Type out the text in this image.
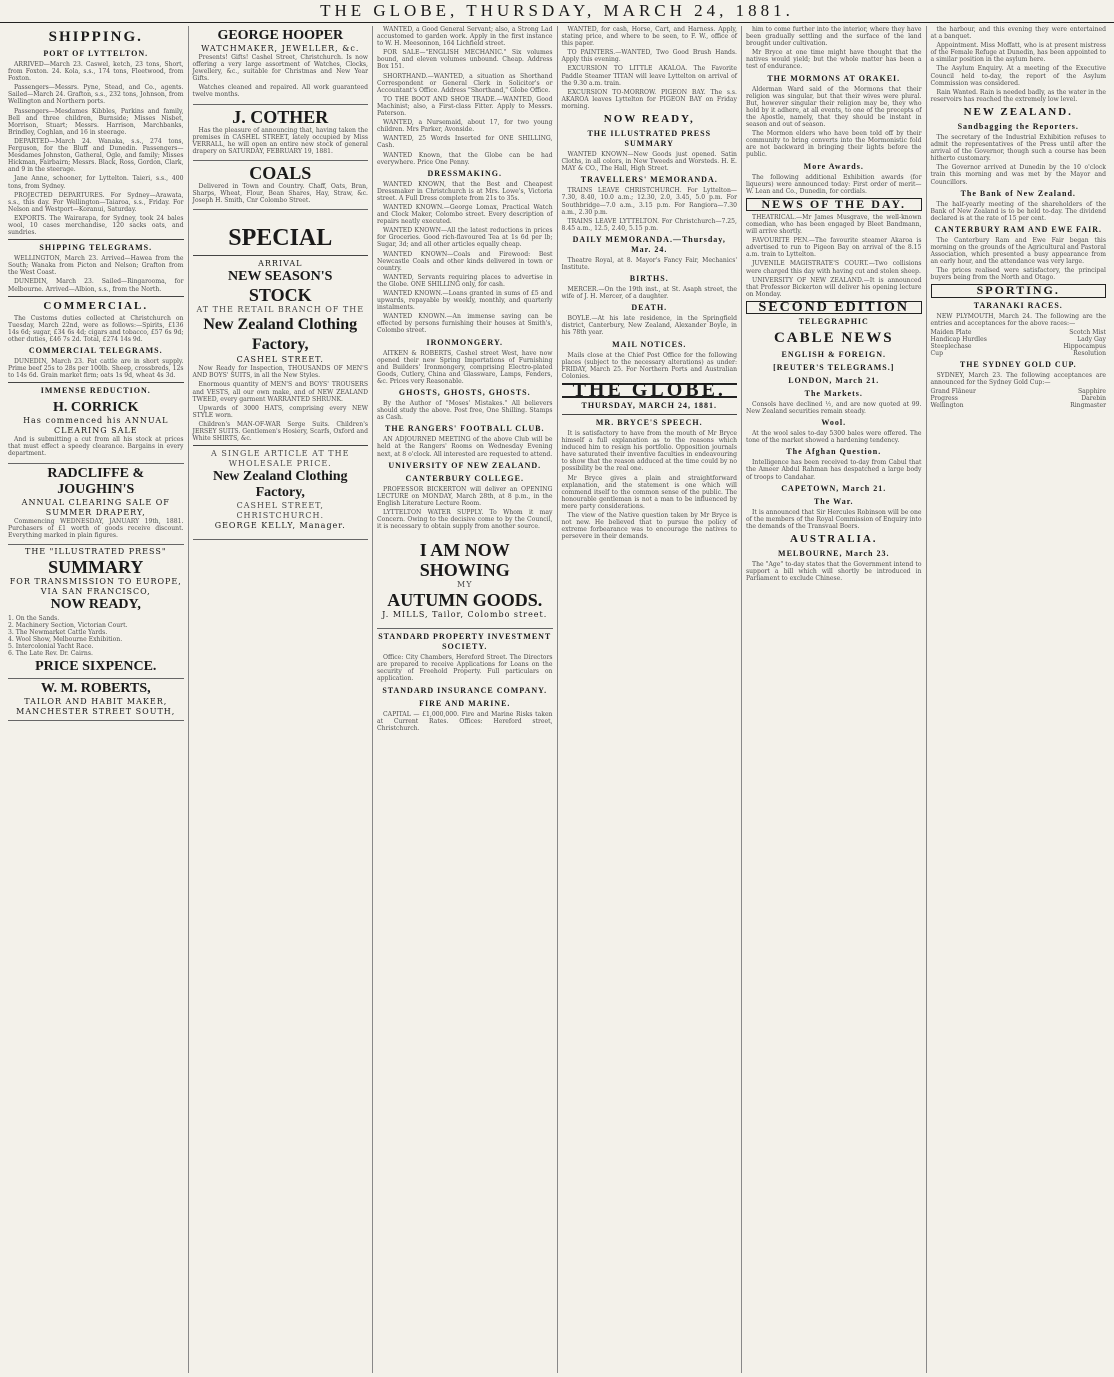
THE GLOBE, THURSDAY, MARCH 24, 1881.
SHIPPING.
PORT OF LYTTELTON.

ARRIVED—March 23. Caswel, ketch, 23 tons, Short, from Foxton. 24. Kola, s.s., 174 tons, Fleetwood, from Foxton.

Passengers—Messrs. Pyne, Stead, and Co., agents. Sailed—March 24. Grafton, s.s., 232 tons, Johnson, from Wellington and Northern ports.

Passengers—Mesdames Kibbles, Parkins and family, Bell and three children, Burnside; Misses Nisbet, Morrison, Stuart; Messrs. Harrison, Marchbanks, Brindley, Coghlan, and 16 in steerage.

DEPARTED—March 24. Wanaka, s.s., 274 tons, Ferguson, for the Bluff and Dunedin. Passengers—Mesdames Johnston, Gatheral, Ogle, and family; Misses Hickman, Fairbairn; Messrs. Black, Ross, Gordon, Clark, and 9 in the steerage.

Jane Anne, schooner, for Lyttelton. Taieri, s.s., 400 tons, from Sydney.

PROJECTED DEPARTURES. For Sydney—Arawata, s.s., this day. For Wellington—Taiaroa, s.s., Friday. For Nelson and Westport—Koranui, Saturday.

EXPORTS. The Wairarapa, for Sydney, took 24 bales wool, 10 cases merchandise, 120 sacks oats, and sundries.

SHIPPING TELEGRAMS.

WELLINGTON, March 23. Arrived—Hawea from the South; Wanaka from Picton and Nelson; Grafton from the West Coast.

DUNEDIN, March 23. Sailed—Ringarooma, for Melbourne. Arrived—Albion, s.s., from the North.

COMMERCIAL.

The Customs duties collected at Christchurch on Tuesday, March 22nd, were as follows:—Spirits, £136 14s 6d; sugar, £34 6s 4d; cigars and tobacco, £57 6s 9d; other duties, £46 7s 2d. Total, £274 14s 9d.

COMMERCIAL TELEGRAMS.

DUNEDIN, March 23. Fat cattle are in short supply. Prime beef 25s to 28s per 100lb. Sheep, crossbreds, 12s to 14s 6d. Grain market firm; oats 1s 9d, wheat 4s 3d.

IMMENSE REDUCTION.
H. CORRICK
Has commenced his ANNUAL CLEARING SALE

And is submitting a cut from all his stock at prices that must effect a speedy clearance. Bargains in every department.

RADCLIFFE & JOUGHIN'S
ANNUAL CLEARING SALE OF SUMMER DRAPERY,

Commencing WEDNESDAY, JANUARY 19th, 1881. Purchasers of £1 worth of goods receive discount. Everything marked in plain figures.

THE "ILLUSTRATED PRESS"
SUMMARY
FOR TRANSMISSION TO EUROPE, VIA SAN FRANCISCO,
NOW READY,
1. On the Sands.
2. Machinery Section, Victorian Court.
3. The Newmarket Cattle Yards.
4. Wool Show, Melbourne Exhibition.
5. Intercolonial Yacht Race.
6. The Late Rev. Dr. Cairns.
PRICE SIXPENCE.
W. M. ROBERTS,
TAILOR AND HABIT MAKER, MANCHESTER STREET SOUTH,
GEORGE HOOPER
WATCHMAKER, JEWELLER, &c.

Presents! Gifts! Cashel Street, Christchurch. Is now offering a very large assortment of Watches, Clocks, Jewellery, &c., suitable for Christmas and New Year Gifts.

Watches cleaned and repaired. All work guaranteed twelve months.

J. COTHER

Has the pleasure of announcing that, having taken the premises in CASHEL STREET, lately occupied by Miss VERRALL, he will open an entire new stock of general drapery on SATURDAY, FEBRUARY 19, 1881.

COALS

Delivered in Town and Country. Chaff, Oats, Bran, Sharps, Wheat, Flour, Bean Shares, Hay, Straw, &c. Joseph H. Smith, Cnr Colombo Street.

SPECIAL
ARRIVAL
NEW SEASON'S
STOCK
AT THE RETAIL BRANCH OF THE
New Zealand Clothing Factory,
CASHEL STREET.

Now Ready for Inspection, THOUSANDS OF MEN'S AND BOYS' SUITS, in all the New Styles.

Enormous quantity of MEN'S and BOYS' TROUSERS and VESTS, all our own make, and of NEW ZEALAND TWEED, every garment WARRANTED SHRUNK.

Upwards of 3000 HATS, comprising every NEW STYLE worn.

Children's MAN-OF-WAR Serge Suits. Children's JERSEY SUITS. Gentlemen's Hosiery, Scarfs, Oxford and White SHIRTS, &c.

A SINGLE ARTICLE AT THE WHOLESALE PRICE.
New Zealand Clothing Factory,
CASHEL STREET, CHRISTCHURCH.
GEORGE KELLY, Manager.

WANTED, a Good General Servant; also, a Strong Lad accustomed to garden work. Apply in the first instance to W. H. Meesonnon, 164 Lichfield street.

FOR SALE—"ENGLISH MECHANIC." Six volumes bound, and eleven volumes unbound. Cheap. Address Box 151.

SHORTHAND.—WANTED, a situation as Shorthand Correspondent or General Clerk in Solicitor's or Accountant's Office. Address "Shorthand," Globe Office.

TO THE BOOT AND SHOE TRADE.—WANTED, Good Machinist; also, a First-class Fitter. Apply to Messrs. Paterson.

WANTED, a Nursemaid, about 17, for two young children. Mrs Parker, Avonside.

WANTED, 25 Words Inserted for ONE SHILLING, Cash.

WANTED Known, that the Globe can be had everywhere. Price One Penny.

DRESSMAKING.

WANTED KNOWN, that the Best and Cheapest Dressmaker in Christchurch is at Mrs. Lowe's, Victoria street. A Full Dress complete from 21s to 35s.

WANTED KNOWN.—George Lomax, Practical Watch and Clock Maker, Colombo street. Every description of repairs neatly executed.

WANTED KNOWN—All the latest reductions in prices for Groceries. Good rich-flavoured Tea at 1s 6d per lb; Sugar, 3d; and all other articles equally cheap.

WANTED KNOWN—Coals and Firewood: Best Newcastle Coals and other kinds delivered in town or country.

WANTED, Servants requiring places to advertise in the Globe. ONE SHILLING only, for cash.

WANTED KNOWN.—Loans granted in sums of £5 and upwards, repayable by weekly, monthly, and quarterly instalments.

WANTED KNOWN.—An immense saving can be effected by persons furnishing their houses at Smith's, Colombo street.

IRONMONGERY.

AITKEN & ROBERTS, Cashel street West, have now opened their new Spring Importations of Furnishing and Builders' Ironmongery, comprising Electro-plated Goods, Cutlery, China and Glassware, Lamps, Fenders, &c. Prices very Reasonable.

GHOSTS, GHOSTS, GHOSTS.

By the Author of "Moses' Mistakes." All believers should study the above. Post free, One Shilling. Stamps as Cash.

THE RANGERS' FOOTBALL CLUB.

AN ADJOURNED MEETING of the above Club will be held at the Rangers' Rooms on Wednesday Evening next, at 8 o'clock. All interested are requested to attend.

UNIVERSITY OF NEW ZEALAND.
CANTERBURY COLLEGE.

PROFESSOR BICKERTON will deliver an OPENING LECTURE on MONDAY, March 28th, at 8 p.m., in the English Literature Lecture Room.

LYTTELTON WATER SUPPLY. To Whom it may Concern. Owing to the decisive come to by the Council, it is necessary to obtain supply from another source.

I AM NOW
SHOWING
MY
AUTUMN GOODS.
J. MILLS, Tailor, Colombo street.
STANDARD PROPERTY INVESTMENT SOCIETY.

Office: City Chambers, Hereford Street. The Directors are prepared to receive Applications for Loans on the security of Freehold Property. Full particulars on application.

STANDARD INSURANCE COMPANY.
FIRE AND MARINE.

CAPITAL — £1,000,000. Fire and Marine Risks taken at Current Rates. Offices: Hereford street, Christchurch.

WANTED, for cash, Horse, Cart, and Harness. Apply, stating price, and where to be seen, to F. W., office of this paper.

TO PAINTERS.—WANTED, Two Good Brush Hands. Apply this evening.

EXCURSION TO LITTLE AKALOA. The Favorite Paddle Steamer TITAN will leave Lyttelton on arrival of the 9.30 a.m. train.

EXCURSION TO-MORROW. PIGEON BAY. The s.s. AKAROA leaves Lyttelton for PIGEON BAY on Friday morning.

NOW READY,
THE ILLUSTRATED PRESS SUMMARY

WANTED KNOWN—New Goods just opened. Satin Cloths, in all colors, in New Tweeds and Worsteds. H. E. MAY & CO., The Hall, High Street.

TRAVELLERS' MEMORANDA.

TRAINS LEAVE CHRISTCHURCH. For Lyttelton—7.30, 8.40, 10.0 a.m.; 12.30, 2.0, 3.45, 5.0 p.m. For Southbridge—7.0 a.m., 3.15 p.m. For Rangiora—7.30 a.m., 2.30 p.m.

TRAINS LEAVE LYTTELTON. For Christchurch—7.25, 8.45 a.m., 12.5, 2.40, 5.15 p.m.

DAILY MEMORANDA.—Thursday, Mar. 24.

Theatre Royal, at 8. Mayor's Fancy Fair, Mechanics' Institute.

BIRTHS.

MERCER.—On the 19th inst., at St. Asaph street, the wife of J. H. Mercer, of a daughter.

DEATH.

BOYLE.—At his late residence, in the Springfield district, Canterbury, New Zealand, Alexander Boyle, in his 78th year.

MAIL NOTICES.

Mails close at the Chief Post Office for the following places (subject to the necessary alterations) as under: FRIDAY, March 25. For Northern Ports and Australian Colonies.

THE GLOBE.
THURSDAY, MARCH 24, 1881.
MR. BRYCE'S SPEECH.

It is satisfactory to have from the mouth of Mr Bryce himself a full explanation as to the reasons which induced him to resign his portfolio. Opposition journals have saturated their inventive faculties in endeavouring to show that the reason adduced at the time could by no possibility be the real one.

Mr Bryce gives a plain and straightforward explanation, and the statement is one which will commend itself to the common sense of the public. The honourable gentleman is not a man to be influenced by mere party considerations.

The view of the Native question taken by Mr Bryce is not new. He believed that to pursue the policy of extreme forbearance was to encourage the natives to persevere in their demands.

him to come further into the interior, where they have been gradually settling and the surface of the land brought under cultivation.

Mr Bryce at one time might have thought that the natives would yield; but the whole matter has been a test of endurance.

THE MORMONS AT ORAKEI.

Alderman Ward said of the Mormons that their religion was singular, but that their wives were plural. But, however singular their religion may be, they who hold by it adhere, at all events, to one of the precepts of the Apostle, namely, that they should be instant in season and out of season.

The Mormon elders who have been told off by their community to bring converts into the Mormonistic fold are not backward in bringing their lights before the public.

More Awards.

The following additional Exhibition awards (for liqueurs) were announced today: First order of merit—W. Lean and Co., Dunedin, for cordials.

NEWS OF THE DAY.

THEATRICAL.—Mr James Musgrave, the well-known comedian, who has been engaged by Bleet Bandmann, will arrive shortly.

FAVOURITE PEN.—The favourite steamer Akaroa is advertised to run to Pigeon Bay on arrival of the 8.15 a.m. train to Lyttelton.

JUVENILE MAGISTRATE'S COURT.—Two collisions were charged this day with having cut and stolen sheep.

UNIVERSITY OF NEW ZEALAND.—It is announced that Professor Bickerton will deliver his opening lecture on Monday.

SECOND EDITION
TELEGRAPHIC
CABLE NEWS
ENGLISH & FOREIGN.
[REUTER'S TELEGRAMS.]
LONDON, March 21.
The Markets.

Consols have declined ½, and are now quoted at 99. New Zealand securities remain steady.

Wool.

At the wool sales to-day 5300 bales were offered. The tone of the market showed a hardening tendency.

The Afghan Question.

Intelligence has been received to-day from Cabul that the Ameer Abdul Rahman has despatched a large body of troops to Candahar.

CAPETOWN, March 21.
The War.

It is announced that Sir Hercules Robinson will be one of the members of the Royal Commission of Enquiry into the demands of the Transvaal Boers.

AUSTRALIA.
MELBOURNE, March 23.

The "Age" to-day states that the Government intend to support a bill which will shortly be introduced in Parliament to exclude Chinese.

the harbour, and this evening they were entertained at a banquet.

Appointment. Miss Moffatt, who is at present mistress of the Female Refuge at Dunedin, has been appointed to a similar position in the asylum here.

The Asylum Enquiry. At a meeting of the Executive Council held to-day, the report of the Asylum Commission was considered.

Rain Wanted. Rain is needed badly, as the water in the reservoirs has reached the extremely low level.

NEW ZEALAND.
Sandbagging the Reporters.

The secretary of the Industrial Exhibition refuses to admit the representatives of the Press until after the arrival of the Governor, though such a course has been hitherto customary.

The Governor arrived at Dunedin by the 10 o'clock train this morning and was met by the Mayor and Councillors.

The Bank of New Zealand.

The half-yearly meeting of the shareholders of the Bank of New Zealand is to be held to-day. The dividend declared is at the rate of 15 per cent.

CANTERBURY RAM AND EWE FAIR.

The Canterbury Ram and Ewe Fair began this morning on the grounds of the Agricultural and Pastoral Association, which presented a busy appearance from an early hour, and the attendance was very large.

The prices realised were satisfactory, the principal buyers being from the North and Otago.

SPORTING.
TARANAKI RACES.

NEW PLYMOUTH, March 24. The following are the entries and acceptances for the above races:—

Maiden Plate	Scotch Mist
Handicap Hurdles	Lady Gay
Steeplechase	Hippocampus
Cup	Resolution
THE SYDNEY GOLD CUP.

SYDNEY, March 23. The following acceptances are announced for the Sydney Gold Cup:—

Grand Flâneur	Sapphire
Progress	Darebin
Wellington	Ringmaster
